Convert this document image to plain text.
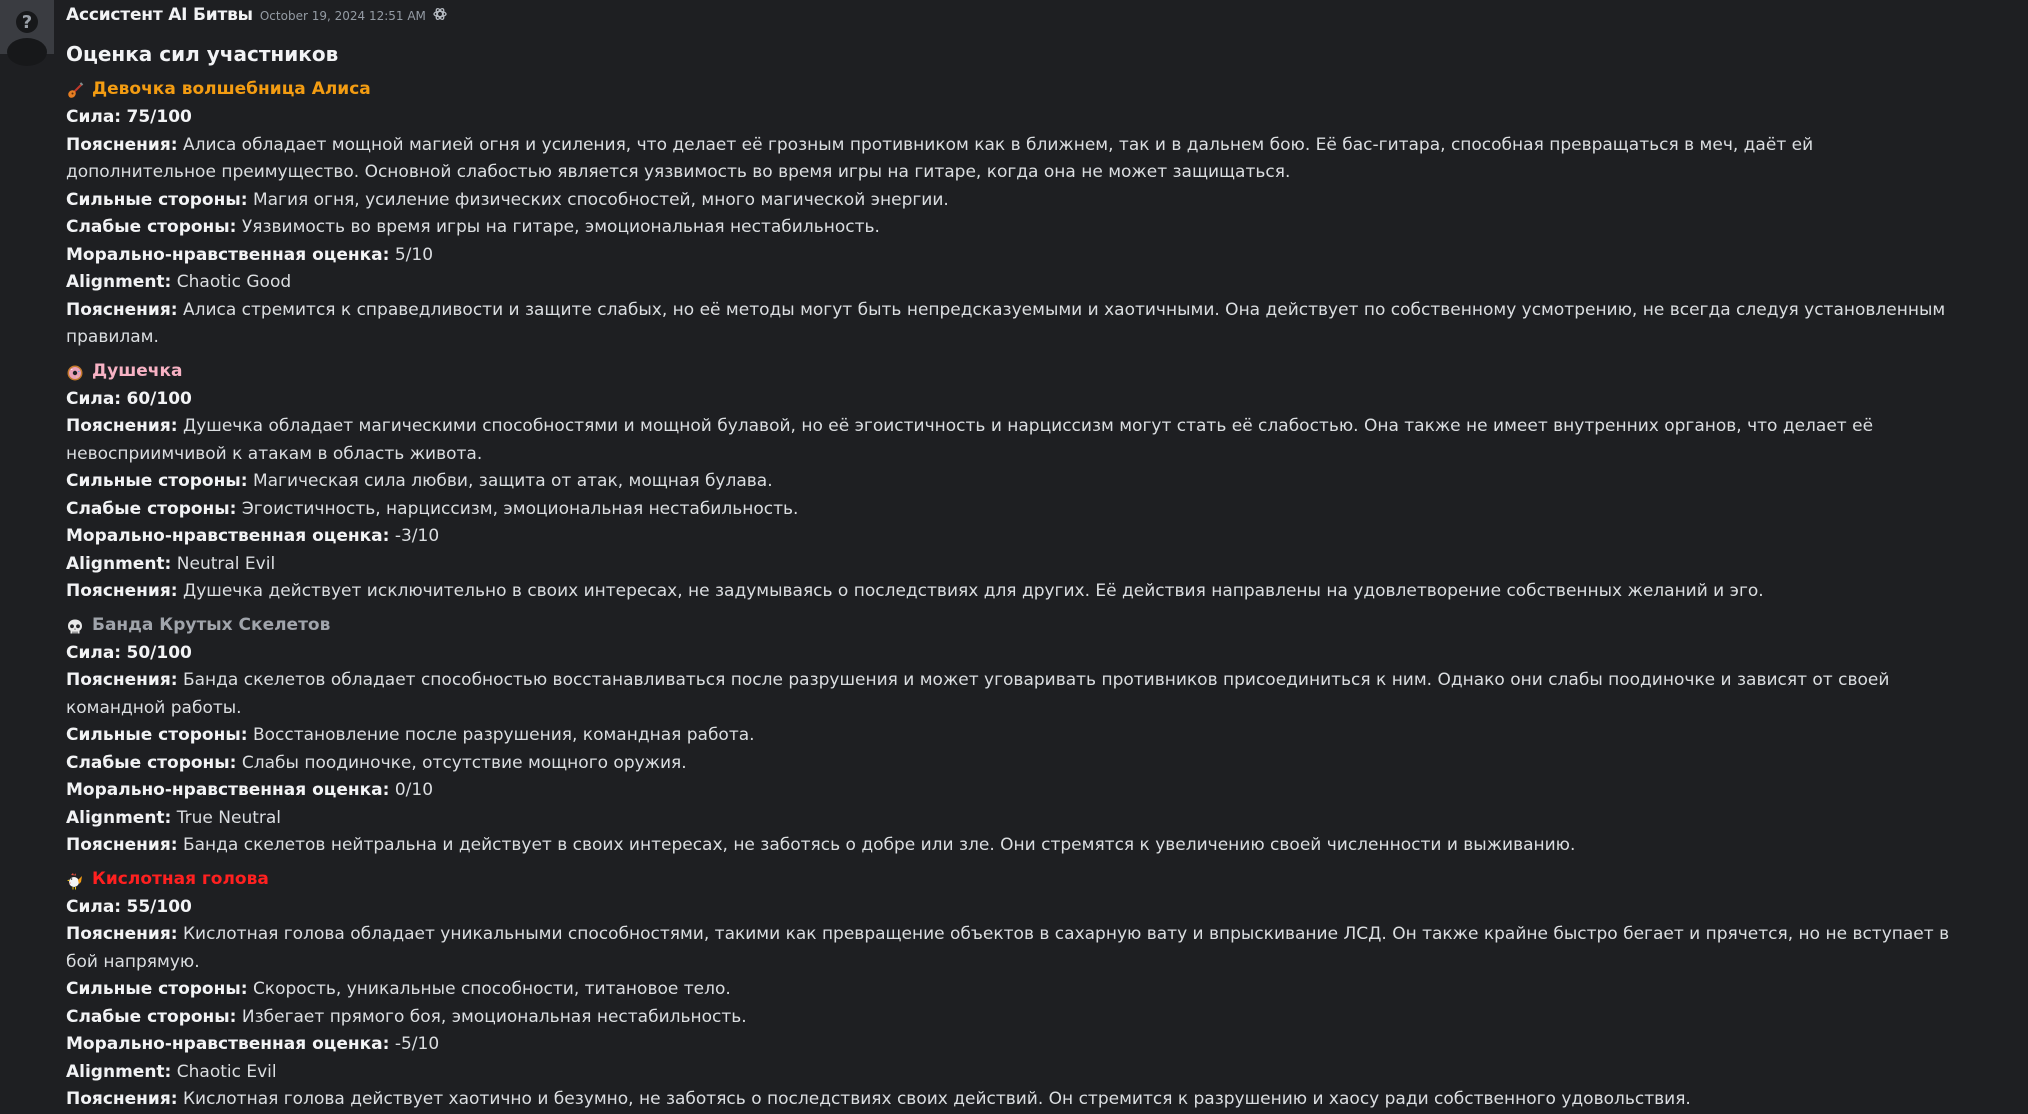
? Ассистент AI Битвы October 19, 2024 12:51 AM
Оценка сил участников
Девочка волшебница Алиса
Сила: 75/100
Пояснения: Алиса обладает мощной магией огня и усиления, что делает её грозным противником как в ближнем, так и в дальнем бою. Её бас-гитара, способная превращаться в меч, даёт ей дополнительное преимущество. Основной слабостью является уязвимость во время игры на гитаре, когда она не может защищаться.
Сильные стороны: Магия огня, усиление физических способностей, много магической энергии.
Слабые стороны: Уязвимость во время игры на гитаре, эмоциональная нестабильность.
Морально-нравственная оценка: 5/10
Alignment: Chaotic Good
Пояснения: Алиса стремится к справедливости и защите слабых, но её методы могут быть непредсказуемыми и хаотичными. Она действует по собственному усмотрению, не всегда следуя установленным правилам.
Душечка
Сила: 60/100
Пояснения: Душечка обладает магическими способностями и мощной булавой, но её эгоистичность и нарциссизм могут стать её слабостью. Она также не имеет внутренних органов, что делает её невосприимчивой к атакам в область живота.
Сильные стороны: Магическая сила любви, защита от атак, мощная булава.
Слабые стороны: Эгоистичность, нарциссизм, эмоциональная нестабильность.
Морально-нравственная оценка: -3/10
Alignment: Neutral Evil
Пояснения: Душечка действует исключительно в своих интересах, не задумываясь о последствиях для других. Её действия направлены на удовлетворение собственных желаний и эго.
Банда Крутых Скелетов
Сила: 50/100
Пояснения: Банда скелетов обладает способностью восстанавливаться после разрушения и может уговаривать противников присоединиться к ним. Однако они слабы поодиночке и зависят от своей командной работы.
Сильные стороны: Восстановление после разрушения, командная работа.
Слабые стороны: Слабы поодиночке, отсутствие мощного оружия.
Морально-нравственная оценка: 0/10
Alignment: True Neutral
Пояснения: Банда скелетов нейтральна и действует в своих интересах, не заботясь о добре или зле. Они стремятся к увеличению своей численности и выживанию.
Кислотная голова
Сила: 55/100
Пояснения: Кислотная голова обладает уникальными способностями, такими как превращение объектов в сахарную вату и впрыскивание ЛСД. Он также крайне быстро бегает и прячется, но не вступает в бой напрямую.
Сильные стороны: Скорость, уникальные способности, титановое тело.
Слабые стороны: Избегает прямого боя, эмоциональная нестабильность.
Морально-нравственная оценка: -5/10
Alignment: Chaotic Evil
Пояснения: Кислотная голова действует хаотично и безумно, не заботясь о последствиях своих действий. Он стремится к разрушению и хаосу ради собственного удовольствия.
